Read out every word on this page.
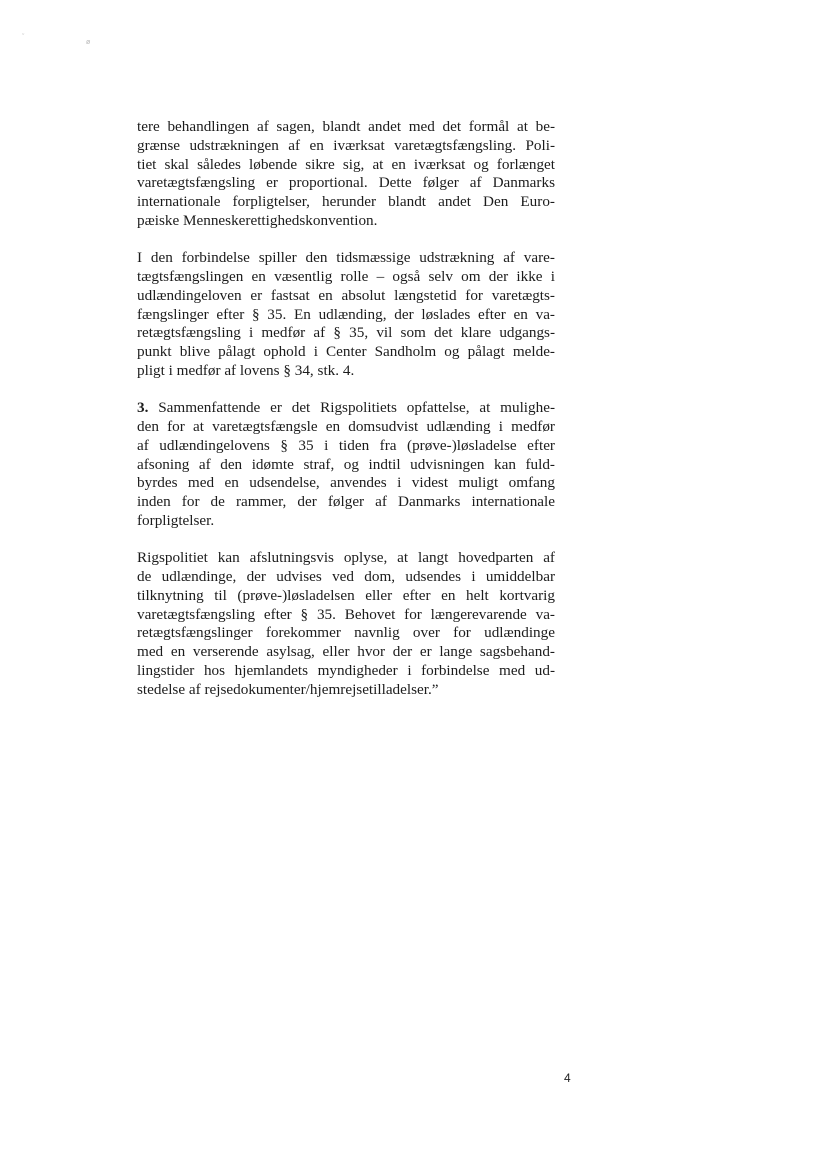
ˇ
ø

tere behandlingen af sagen, blandt andet med det formål at be-
grænse udstrækningen af en iværksat varetægtsfængsling. Poli-
tiet skal således løbende sikre sig, at en iværksat og forlænget
varetægtsfængsling er proportional. Dette følger af Danmarks
internationale forpligtelser, herunder blandt andet Den Euro-
pæiske Menneskerettighedskonvention.

I den forbindelse spiller den tidsmæssige udstrækning af vare-
tægtsfængslingen en væsentlig rolle – også selv om der ikke i
udlændingeloven er fastsat en absolut længstetid for varetægts-
fængslinger efter § 35. En udlænding, der løslades efter en va-
retægtsfængsling i medfør af § 35, vil som det klare udgangs-
punkt blive pålagt ophold i Center Sandholm og pålagt melde-
pligt i medfør af lovens § 34, stk. 4.

3. Sammenfattende er det Rigspolitiets opfattelse, at mulighe-
den for at varetægtsfængsle en domsudvist udlænding i medfør
af udlændingelovens § 35 i tiden fra (prøve-)løsladelse efter
afsoning af den idømte straf, og indtil udvisningen kan fuld-
byrdes med en udsendelse, anvendes i videst muligt omfang
inden for de rammer, der følger af Danmarks internationale
forpligtelser.

Rigspolitiet kan afslutningsvis oplyse, at langt hovedparten af
de udlændinge, der udvises ved dom, udsendes i umiddelbar
tilknytning til (prøve-)løsladelsen eller efter en helt kortvarig
varetægtsfængsling efter § 35. Behovet for længerevarende va-
retægtsfængslinger forekommer navnlig over for udlændinge
med en verserende asylsag, eller hvor der er lange sagsbehand-
lingstider hos hjemlandets myndigheder i forbindelse med ud-
stedelse af rejsedokumenter/hjemrejsetilladelser.”

4
